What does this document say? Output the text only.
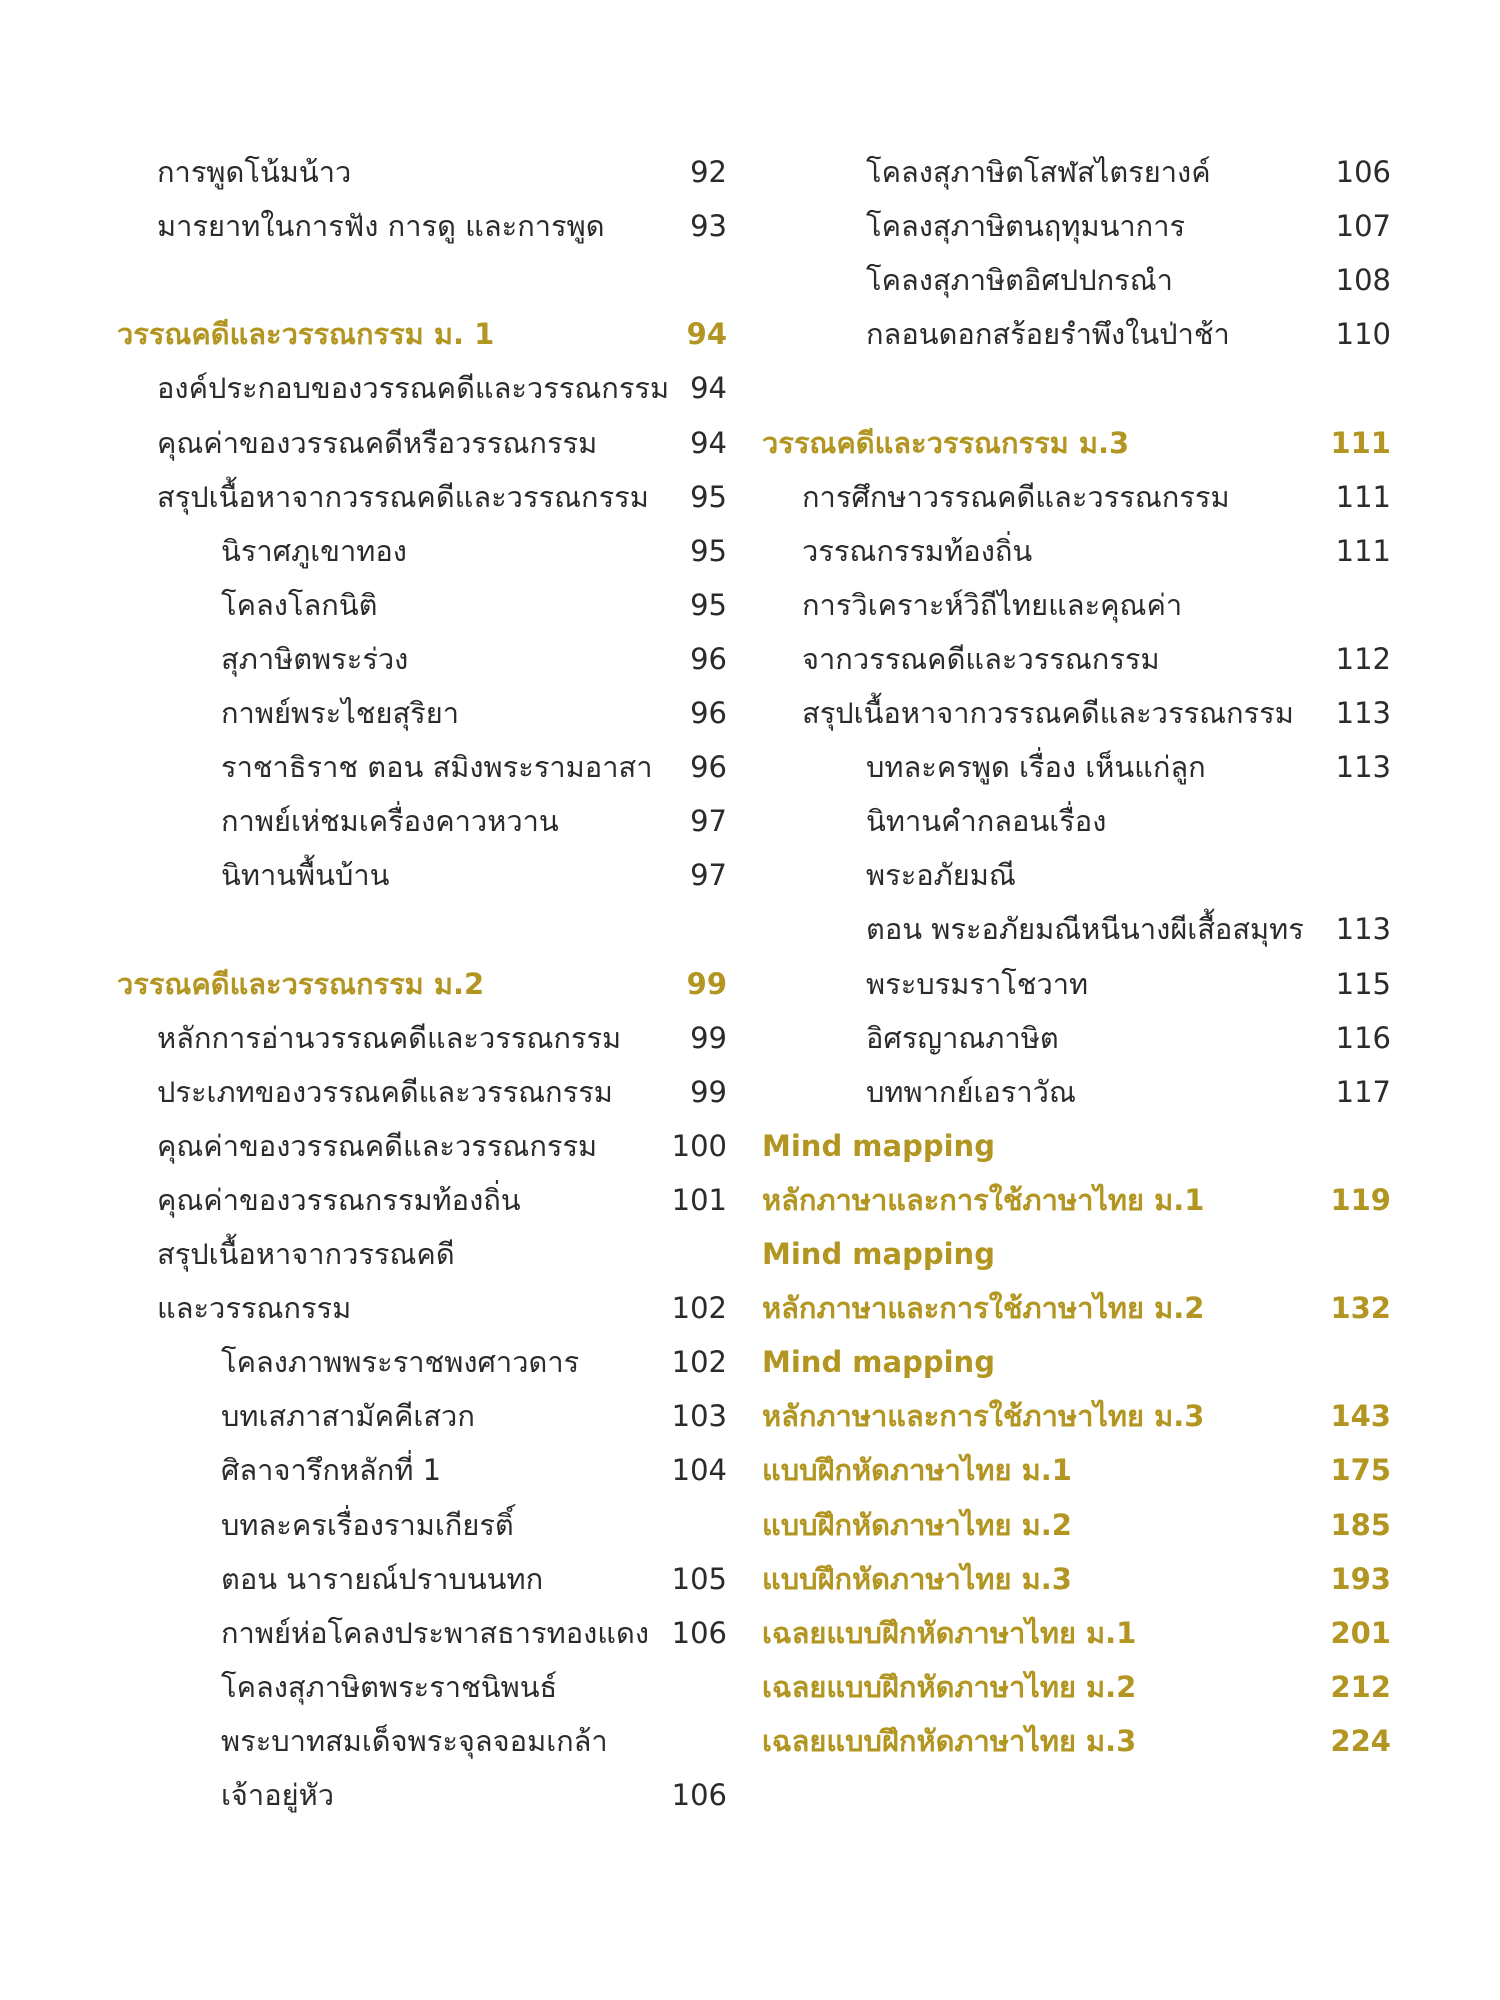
การพูดโน้มน้าว	92
มารยาทในการฟัง การดู และการพูด	93
วรรณคดีและวรรณกรรม ม. 1	94
องค์ประกอบของวรรณคดีและวรรณกรรม 94
คุณค่าของวรรณคดีหรือวรรณกรรม	94
สรุปเนื้อหาจากวรรณคดีและวรรณกรรม	95
นิราศภูเขาทอง	95
โคลงโลกนิติ	95
สุภาษิตพระร่วง	96
กาพย์พระไชยสุริยา	96
ราชาธิราช ตอน สมิงพระรามอาสา	96
กาพย์เห่ชมเครื่องคาวหวาน	97
นิทานพื้นบ้าน	97
วรรณคดีและวรรณกรรม ม.2	99
หลักการอ่านวรรณคดีและวรรณกรรม	99
ประเภทของวรรณคดีและวรรณกรรม	99
คุณค่าของวรรณคดีและวรรณกรรม	100
คุณค่าของวรรณกรรมท้องถิ่น	101
สรุปเนื้อหาจากวรรณคดี
และวรรณกรรม	102
โคลงภาพพระราชพงศาวดาร	102
บทเสภาสามัคคีเสวก	103
ศิลาจารึกหลักที่ 1	104
บทละครเรื่องรามเกียรติ์
ตอน นารายณ์ปราบนนทก	105
กาพย์ห่อโคลงประพาสธารทองแดง 106
โคลงสุภาษิตพระราชนิพนธ์
พระบาทสมเด็จพระจุลจอมเกล้า
เจ้าอยู่หัว	106
โคลงสุภาษิตโสฬสไตรยางค์	106
โคลงสุภาษิตนฤทุมนาการ	107
โคลงสุภาษิตอิศปปกรณำ	108
กลอนดอกสร้อยรำพึงในป่าช้า	110
วรรณคดีและวรรณกรรม ม.3	111
การศึกษาวรรณคดีและวรรณกรรม	111
วรรณกรรมท้องถิ่น	111
การวิเคราะห์วิถีไทยและคุณค่า
จากวรรณคดีและวรรณกรรม	112
สรุปเนื้อหาจากวรรณคดีและวรรณกรรม 113
บทละครพูด เรื่อง เห็นแก่ลูก	113
นิทานคำกลอนเรื่อง
พระอภัยมณี
ตอน พระอภัยมณีหนีนางผีเสื้อสมุทร 113
พระบรมราโชวาท	115
อิศรญาณภาษิต	116
บทพากย์เอราวัณ	117
Mind mapping
หลักภาษาและการใช้ภาษาไทย ม.1	119
Mind mapping
หลักภาษาและการใช้ภาษาไทย ม.2	132
Mind mapping
หลักภาษาและการใช้ภาษาไทย ม.3	143
แบบฝึกหัดภาษาไทย ม.1	175
แบบฝึกหัดภาษาไทย ม.2	185
แบบฝึกหัดภาษาไทย ม.3	193
เฉลยแบบฝึกหัดภาษาไทย ม.1	201
เฉลยแบบฝึกหัดภาษาไทย ม.2	212
เฉลยแบบฝึกหัดภาษาไทย ม.3	224
